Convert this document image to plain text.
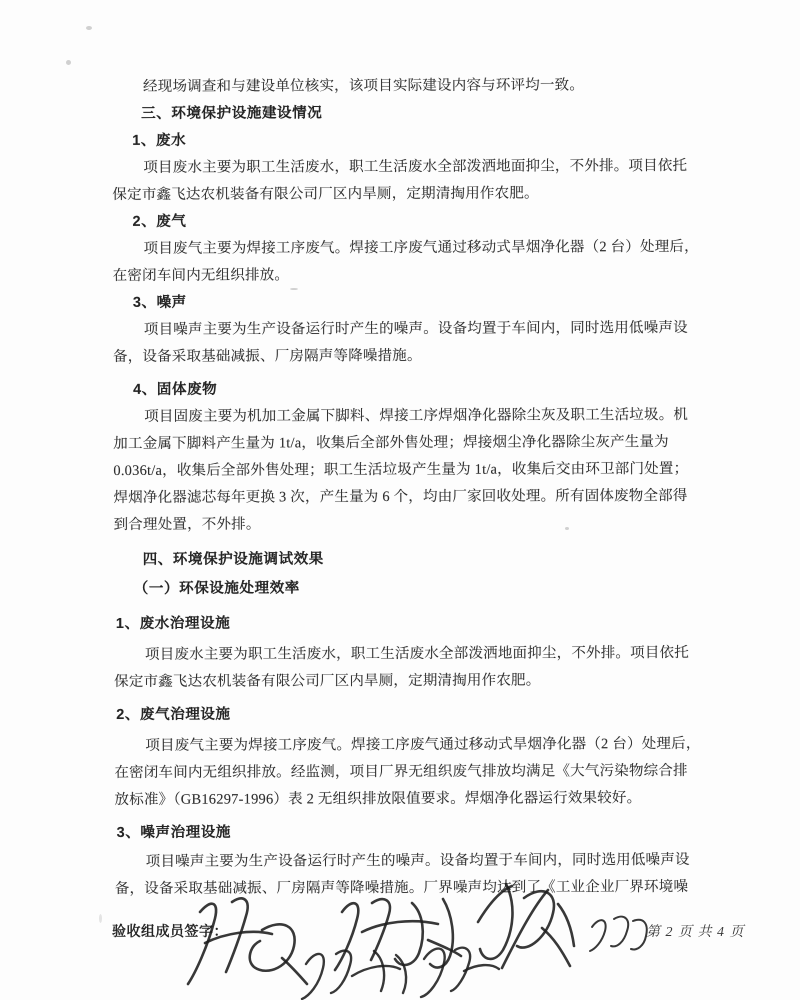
经现场调查和与建设单位核实，该项目实际建设内容与环评均一致。
三、环境保护设施建设情况
1、废水
项目废水主要为职工生活废水，职工生活废水全部泼洒地面抑尘，不外排。项目依托
保定市鑫飞达农机装备有限公司厂区内旱厕，定期清掏用作农肥。
2、废气
项目废气主要为焊接工序废气。焊接工序废气通过移动式旱烟净化器（2 台）处理后，
在密闭车间内无组织排放。
3、噪声
项目噪声主要为生产设备运行时产生的噪声。设备均置于车间内，同时选用低噪声设
备，设备采取基础减振、厂房隔声等降噪措施。
4、固体废物
项目固废主要为机加工金属下脚料、焊接工序焊烟净化器除尘灰及职工生活垃圾。机
加工金属下脚料产生量为 1t/a，收集后全部外售处理；焊接烟尘净化器除尘灰产生量为
0.036t/a，收集后全部外售处理；职工生活垃圾产生量为 1t/a，收集后交由环卫部门处置；
焊烟净化器滤芯每年更换 3 次，产生量为 6 个，均由厂家回收处理。所有固体废物全部得
到合理处置，不外排。
四、环境保护设施调试效果
（一）环保设施处理效率
1、废水治理设施
项目废水主要为职工生活废水，职工生活废水全部泼洒地面抑尘，不外排。项目依托
保定市鑫飞达农机装备有限公司厂区内旱厕，定期清掏用作农肥。
2、废气治理设施
项目废气主要为焊接工序废气。焊接工序废气通过移动式旱烟净化器（2 台）处理后，
在密闭车间内无组织排放。经监测，项目厂界无组织废气排放均满足《大气污染物综合排
放标准》（GB16297-1996）表 2 无组织排放限值要求。焊烟净化器运行效果较好。
3、噪声治理设施
项目噪声主要为生产设备运行时产生的噪声。设备均置于车间内，同时选用低噪声设
备，设备采取基础减振、厂房隔声等降噪措施。厂界噪声均达到了《工业企业厂界环境噪
验收组成员签字：	第 2 页 共 4 页
